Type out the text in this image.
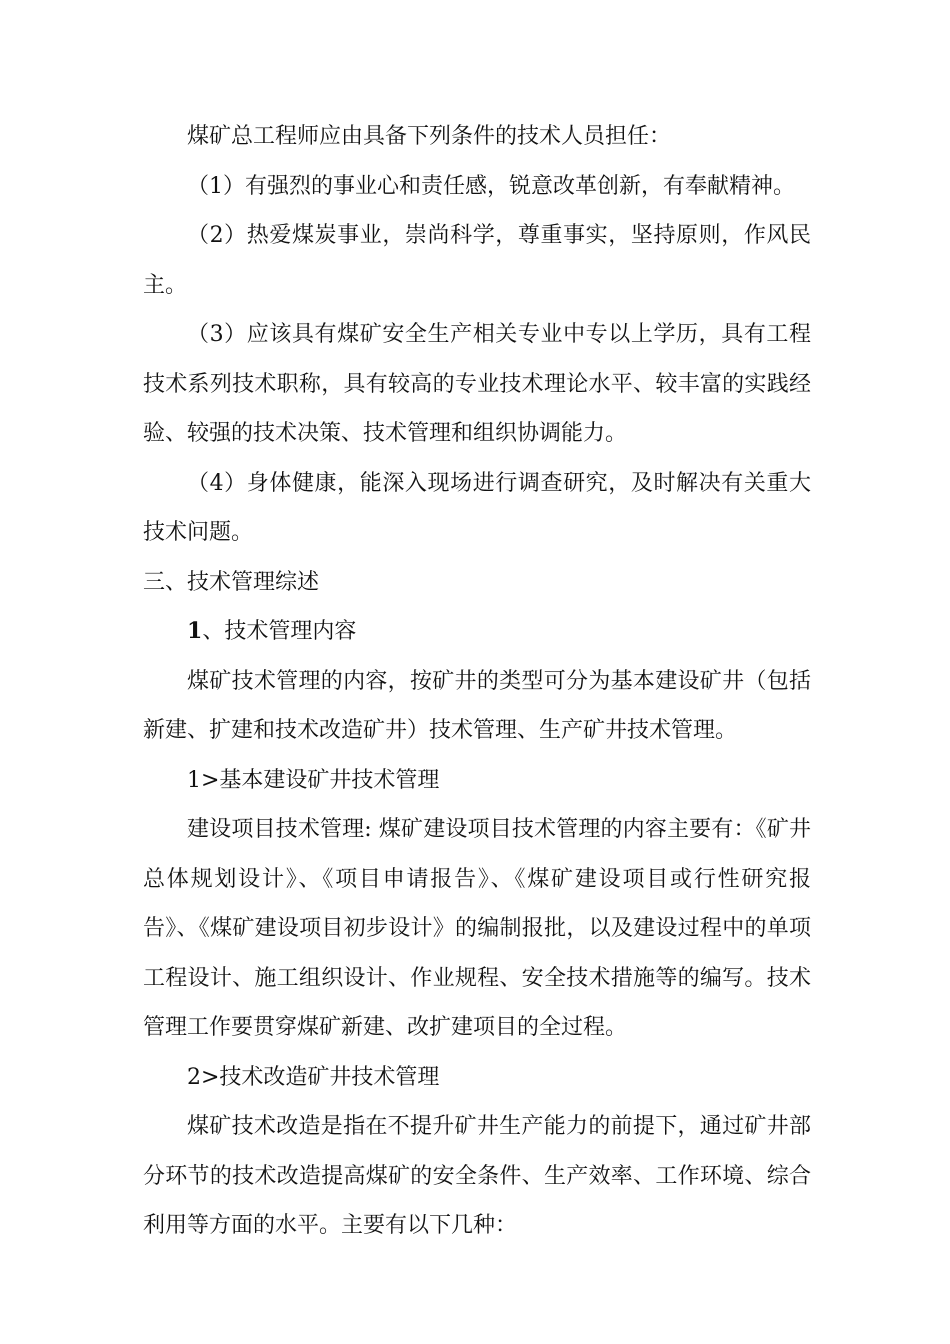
煤矿总工程师应由具备下列条件的技术人员担任：

（1）有强烈的事业心和责任感，锐意改革创新，有奉献精神。

（2）热爱煤炭事业，崇尚科学，尊重事实，坚持原则，作风民主。

（3）应该具有煤矿安全生产相关专业中专以上学历，具有工程技术系列技术职称，具有较高的专业技术理论水平、较丰富的实践经验、较强的技术决策、技术管理和组织协调能力。

（4）身体健康，能深入现场进行调查研究，及时解决有关重大技术问题。

三、技术管理综述

1、技术管理内容

煤矿技术管理的内容，按矿井的类型可分为基本建设矿井（包括新建、扩建和技术改造矿井）技术管理、生产矿井技术管理。

1>基本建设矿井技术管理

建设项目技术管理: 煤矿建设项目技术管理的内容主要有：《矿井总体规划设计》、《项目申请报告》、《煤矿建设项目或行性研究报告》、《煤矿建设项目初步设计》的编制报批，以及建设过程中的单项工程设计、施工组织设计、作业规程、安全技术措施等的编写。技术管理工作要贯穿煤矿新建、改扩建项目的全过程。

2>技术改造矿井技术管理

煤矿技术改造是指在不提升矿井生产能力的前提下，通过矿井部分环节的技术改造提高煤矿的安全条件、生产效率、工作环境、综合利用等方面的水平。主要有以下几种：
